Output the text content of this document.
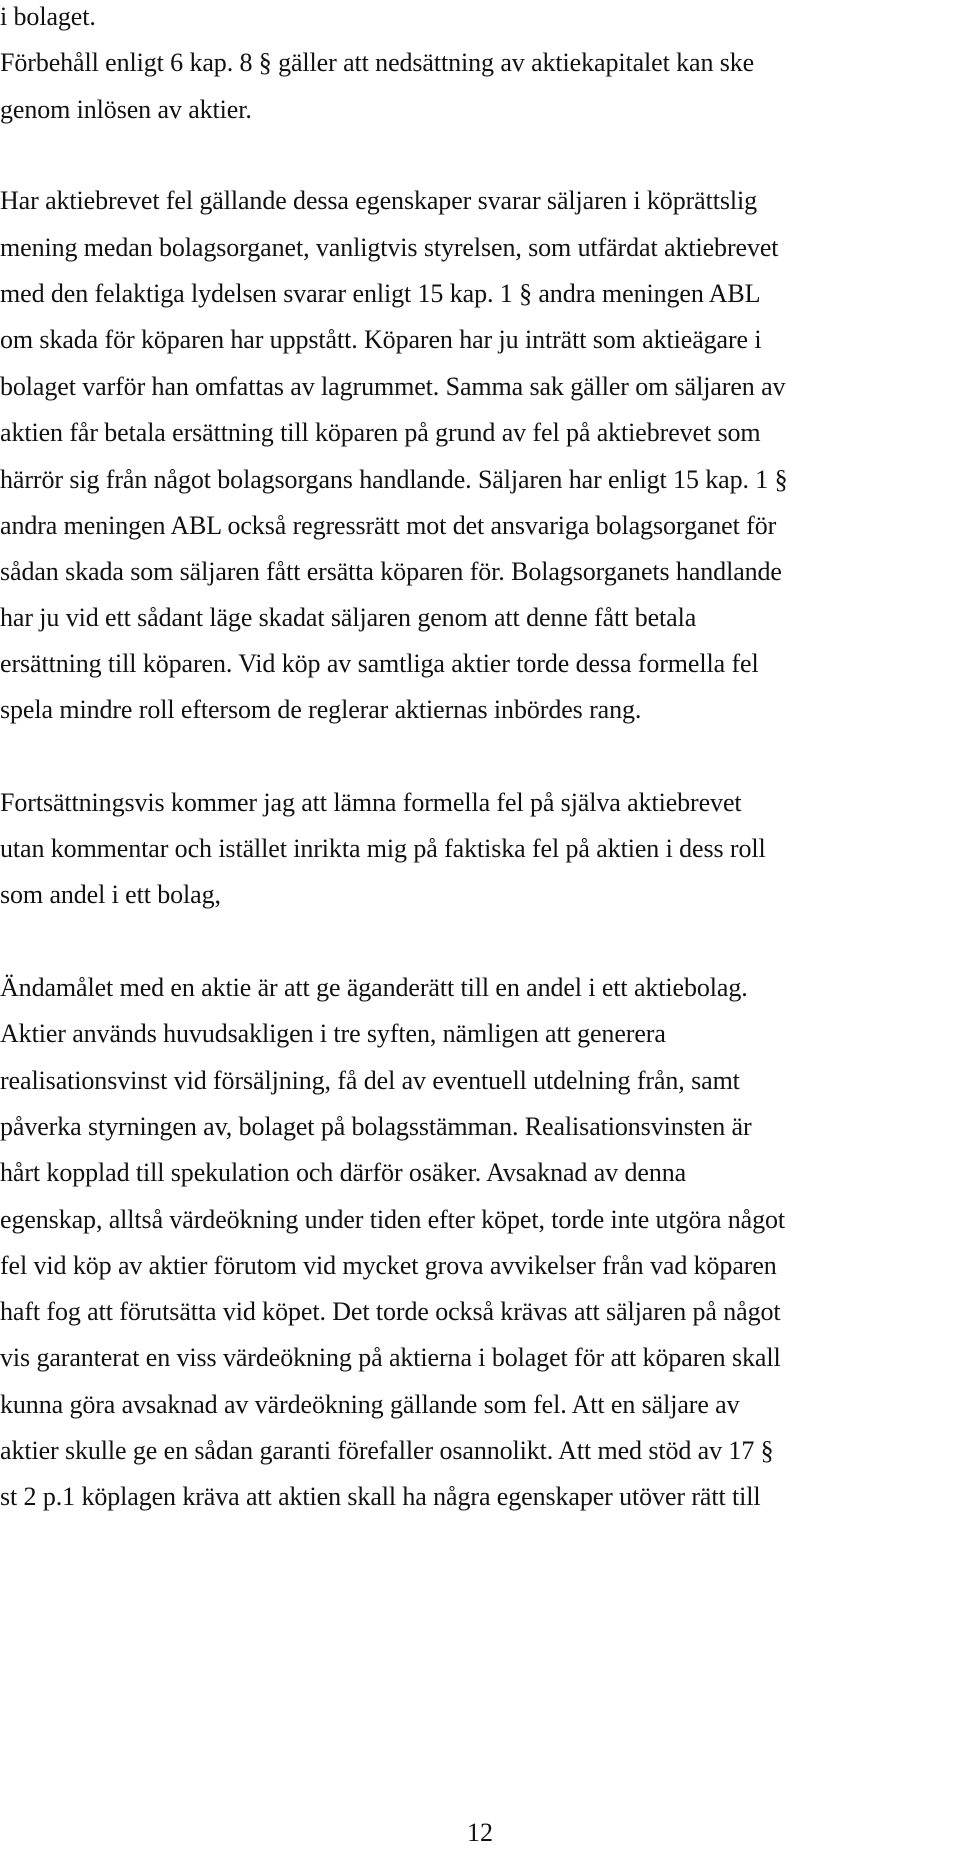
i bolaget.
Förbehåll enligt 6 kap. 8 § gäller att nedsättning av aktiekapitalet kan ske
genom inlösen av aktier.
Har aktiebrevet fel gällande dessa egenskaper svarar säljaren i köprättslig
mening medan bolagsorganet, vanligtvis styrelsen, som utfärdat aktiebrevet
med den felaktiga lydelsen svarar enligt 15 kap. 1 § andra meningen ABL
om skada för köparen har uppstått. Köparen har ju inträtt som aktieägare i
bolaget varför han omfattas av lagrummet. Samma sak gäller om säljaren av
aktien får betala ersättning till köparen på grund av fel på aktiebrevet som
härrör sig från något bolagsorgans handlande. Säljaren har enligt 15 kap. 1 §
andra meningen ABL också regressrätt mot det ansvariga bolagsorganet för
sådan skada som säljaren fått ersätta köparen för. Bolagsorganets handlande
har ju vid ett sådant läge skadat säljaren genom att denne fått betala
ersättning till köparen. Vid köp av samtliga aktier torde dessa formella fel
spela mindre roll eftersom de reglerar aktiernas inbördes rang.
Fortsättningsvis kommer jag att lämna formella fel på själva aktiebrevet
utan kommentar och istället inrikta mig på faktiska fel på aktien i dess roll
som andel i ett bolag,
Ändamålet med en aktie är att ge äganderätt till en andel i ett aktiebolag.
Aktier används huvudsakligen i tre syften, nämligen att generera
realisationsvinst vid försäljning, få del av eventuell utdelning från, samt
påverka styrningen av, bolaget på bolagsstämman. Realisationsvinsten är
hårt kopplad till spekulation och därför osäker. Avsaknad av denna
egenskap, alltså värdeökning under tiden efter köpet, torde inte utgöra något
fel vid köp av aktier förutom vid mycket grova avvikelser från vad köparen
haft fog att förutsätta vid köpet. Det torde också krävas att säljaren på något
vis garanterat en viss värdeökning på aktierna i bolaget för att köparen skall
kunna göra avsaknad av värdeökning gällande som fel. Att en säljare av
aktier skulle ge en sådan garanti förefaller osannolikt. Att med stöd av 17 §
st 2 p.1 köplagen kräva att aktien skall ha några egenskaper utöver rätt till
12
